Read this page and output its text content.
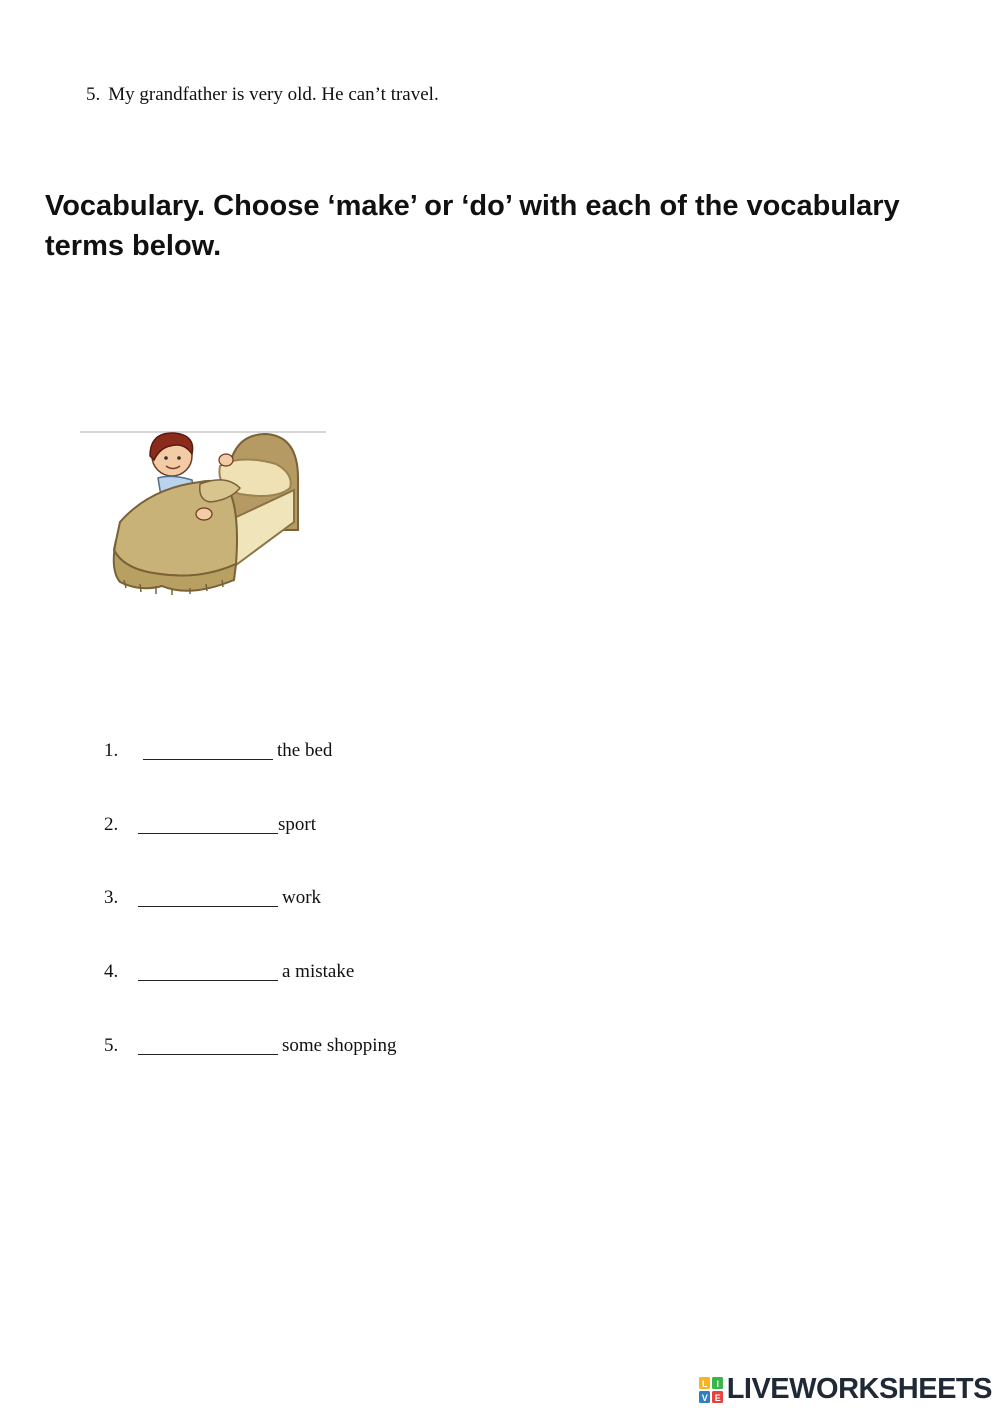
5. My grandfather is very old. He can’t travel.
Vocabulary. Choose ‘make’ or ‘do’ with each of the vocabulary terms below.
1.	the bed
2.	sport
3.	work
4.	a mistake
5.	some shopping
L I
V E LIVEWORKSHEETS
